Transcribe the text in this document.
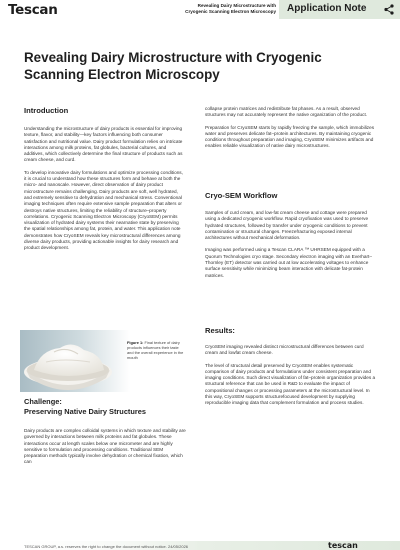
Tescan	Revealing Dairy Microstructure with
Cryogenic Scanning Electron Microscopy Application Note
Revealing Dairy Microstructure with Cryogenic Scanning Electron Microscopy
Introduction

Understanding the microstructure of dairy products is essential for improving texture, flavor, and stability—key factors influencing both consumer satisfaction and nutritional value. Dairy product formulation relies on intricate interactions among milk proteins, fat globules, bacterial cultures, and additives, which collectively determine the final structure of products such as cream cheese, and curd.

To develop innovative dairy formulations and optimize processing conditions, it is crucial to understand how these structures form and behave at both the micro- and nanoscale. However, direct observation of dairy product microstructure remains challenging. Dairy products are soft, well hydrated, and extremely sensitive to dehydration and mechanical stress. Conventional imaging techniques often require extensive sample preparation that alters or destroys native structures, limiting the reliability of structure–property correlations. Cryogenic Scanning Electron Microscopy (CryoSEM) permits visualization of hydrated dairy systems their nearnative state by preserving the spatial relationships among fat, protein, and water. This application note demonstrates how CryoSEM reveals key microstructural differences among diverse dairy products, providing actionable insights for dairy research and product development.

Figure 1: Final texture of dairy products influences their taste and the overall experience in the mouth
Challenge:
Preserving Native Dairy Structures

Dairy products are complex colloidal systems in which texture and stability are governed by interactions between milk proteins and fat globules. These interactions occur at length scales below one micrometer and are highly sensitive to formulation and processing conditions. Traditional SEM preparation methods typically involve dehydration or chemical fixation, which can

collapse protein matrices and redistribute fat phases. As a result, observed structures may not accurately represent the native organization of the product.

Preparation for CryoSEM starts by rapidly freezing the sample, which immobilizes water and preserves delicate fat–protein architectures. By maintaining cryogenic conditions throughout preparation and imaging, CryoSEM minimizes artifacts and enables reliable visualization of native dairy microstructures.

Cryo-SEM Workflow

Samples of curd cream, and low-fat cream cheese and cottage were prepared using a dedicated cryogenic workflow. Rapid cryofixation was used to preserve hydrated structures, followed by transfer under cryogenic conditions to prevent contamination or structural changes. Freezefracturing exposed internal architectures without mechanical deformation.

Imaging was performed using a Tescan CLARA ™ UHRSEM equipped with a Quorum Technologies cryo stage. Secondary electron imaging with an Everhart–Thornley (ET) detector was carried out at low accelerating voltages to enhance surface sensitivity while minimizing beam interaction with delicate fat-protein matrices.

Results:

CryoSEM imaging revealed distinct microstructural differences between curd cream and lowfat cream cheese.

The level of structural detail preserved by CryoSEM enables systematic comparison of dairy products and formulations under consistent preparation and imaging conditions. Such direct visualization of fat–protein organization provides a structural reference that can be used in R&D to evaluate the impact of compositional changes or processing parameters at the microstructural level. In this way, CryoSEM supports structurefocused development by supplying reproducible imaging data that complement formulation and process studies.

TESCAN GROUP, a.s. reserves the right to change the document without notice. 24/05/2026	tescan
